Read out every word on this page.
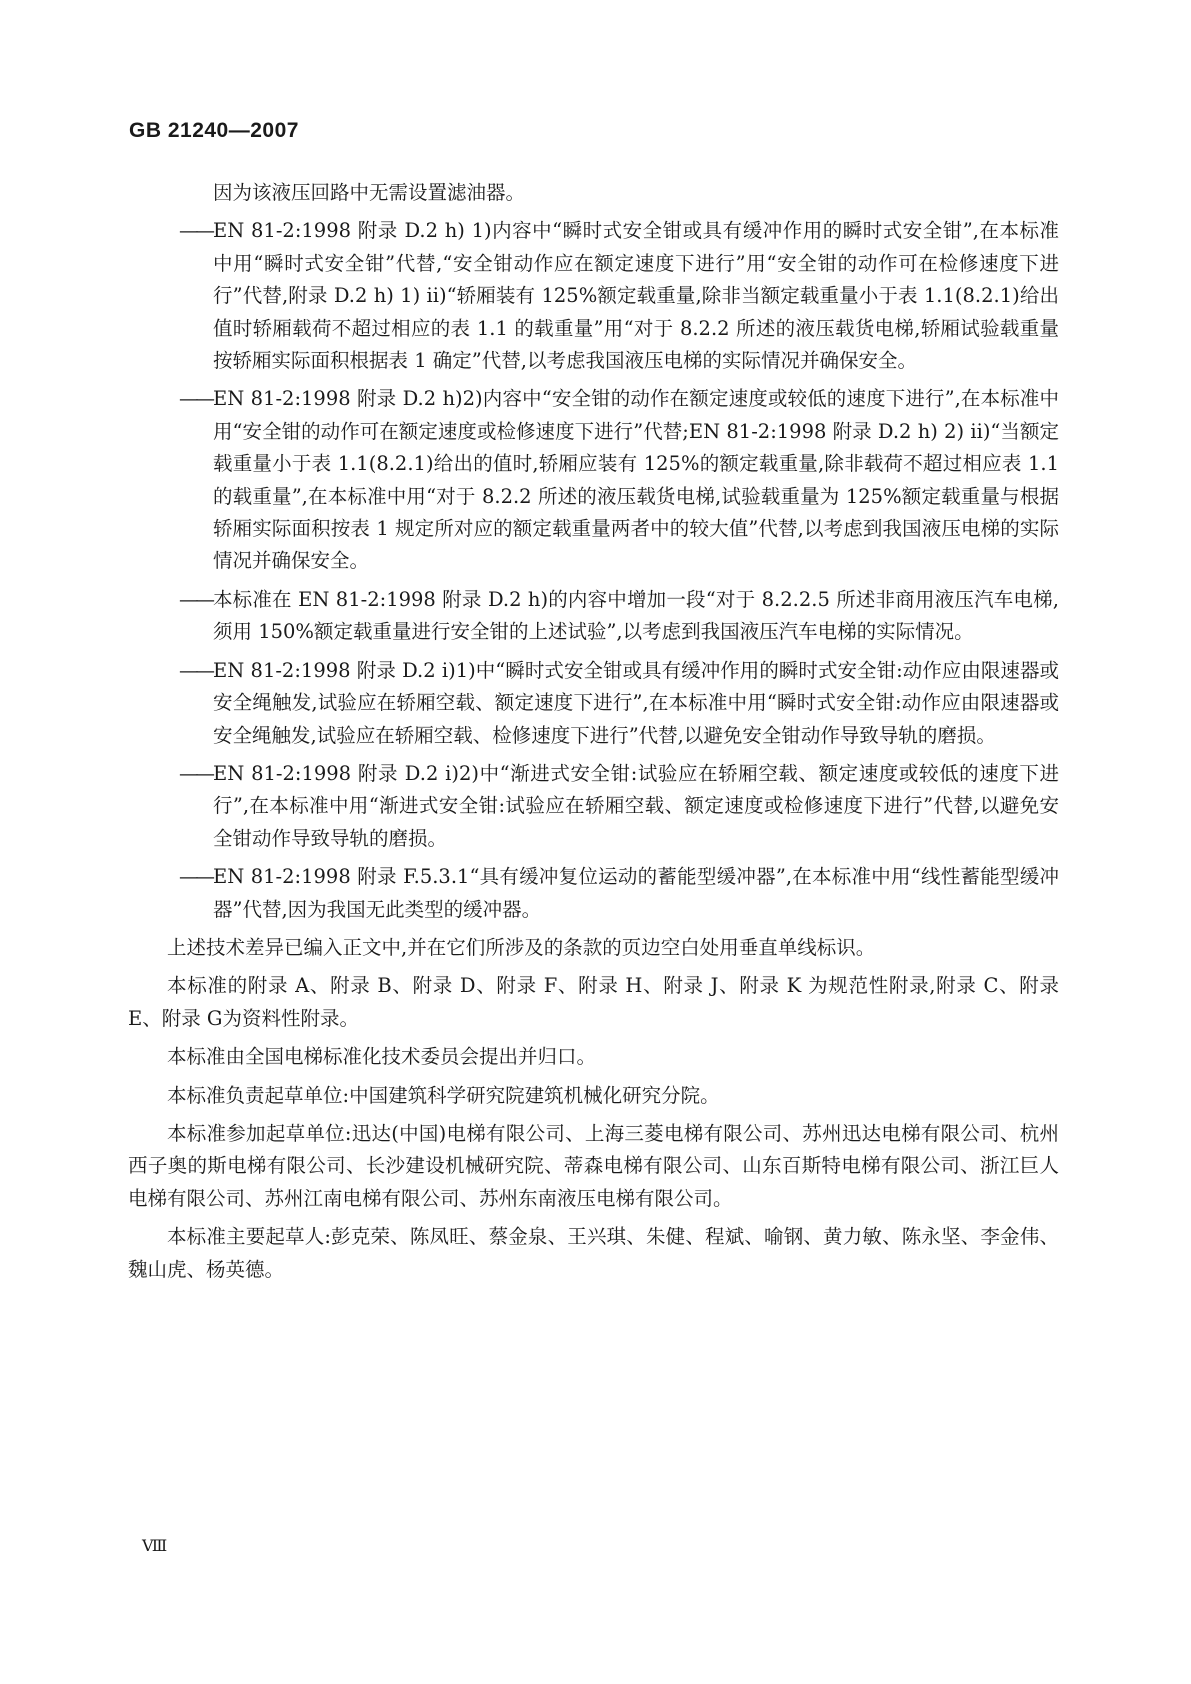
GB 21240—2007

因为该液压回路中无需设置滤油器。

—— EN 81-2:1998 附录 D.2 h) 1)内容中“瞬时式安全钳或具有缓冲作用的瞬时式安全钳”,在本标准中用“瞬时式安全钳”代替,“安全钳动作应在额定速度下进行”用“安全钳的动作可在检修速度下进行”代替,附录 D.2 h) 1) ii)“轿厢装有 125%额定载重量,除非当额定载重量小于表 1.1(8.2.1)给出值时轿厢载荷不超过相应的表 1.1 的载重量”用“对于 8.2.2 所述的液压载货电梯,轿厢试验载重量按轿厢实际面积根据表 1 确定”代替,以考虑我国液压电梯的实际情况并确保安全。
—— EN 81-2:1998 附录 D.2 h)2)内容中“安全钳的动作在额定速度或较低的速度下进行”,在本标准中用“安全钳的动作可在额定速度或检修速度下进行”代替;EN 81-2:1998 附录 D.2 h) 2) ii)“当额定载重量小于表 1.1(8.2.1)给出的值时,轿厢应装有 125%的额定载重量,除非载荷不超过相应表 1.1 的载重量”,在本标准中用“对于 8.2.2 所述的液压载货电梯,试验载重量为 125%额定载重量与根据轿厢实际面积按表 1 规定所对应的额定载重量两者中的较大值”代替,以考虑到我国液压电梯的实际情况并确保安全。
—— 本标准在 EN 81-2:1998 附录 D.2 h)的内容中增加一段“对于 8.2.2.5 所述非商用液压汽车电梯,须用 150%额定载重量进行安全钳的上述试验”,以考虑到我国液压汽车电梯的实际情况。
—— EN 81-2:1998 附录 D.2 i)1)中“瞬时式安全钳或具有缓冲作用的瞬时式安全钳:动作应由限速器或安全绳触发,试验应在轿厢空载、额定速度下进行”,在本标准中用“瞬时式安全钳:动作应由限速器或安全绳触发,试验应在轿厢空载、检修速度下进行”代替,以避免安全钳动作导致导轨的磨损。
—— EN 81-2:1998 附录 D.2 i)2)中“渐进式安全钳:试验应在轿厢空载、额定速度或较低的速度下进行”,在本标准中用“渐进式安全钳:试验应在轿厢空载、额定速度或检修速度下进行”代替,以避免安全钳动作导致导轨的磨损。
—— EN 81-2:1998 附录 F.5.3.1“具有缓冲复位运动的蓄能型缓冲器”,在本标准中用“线性蓄能型缓冲器”代替,因为我国无此类型的缓冲器。

上述技术差异已编入正文中,并在它们所涉及的条款的页边空白处用垂直单线标识。

本标准的附录 A、附录 B、附录 D、附录 F、附录 H、附录 J、附录 K 为规范性附录,附录 C、附录 E、附录 G为资料性附录。

本标准由全国电梯标准化技术委员会提出并归口。

本标准负责起草单位:中国建筑科学研究院建筑机械化研究分院。

本标准参加起草单位:迅达(中国)电梯有限公司、上海三菱电梯有限公司、苏州迅达电梯有限公司、杭州西子奥的斯电梯有限公司、长沙建设机械研究院、蒂森电梯有限公司、山东百斯特电梯有限公司、浙江巨人电梯有限公司、苏州江南电梯有限公司、苏州东南液压电梯有限公司。

本标准主要起草人:彭克荣、陈凤旺、蔡金泉、王兴琪、朱健、程斌、喻钢、黄力敏、陈永坚、李金伟、魏山虎、杨英德。

Ⅷ
